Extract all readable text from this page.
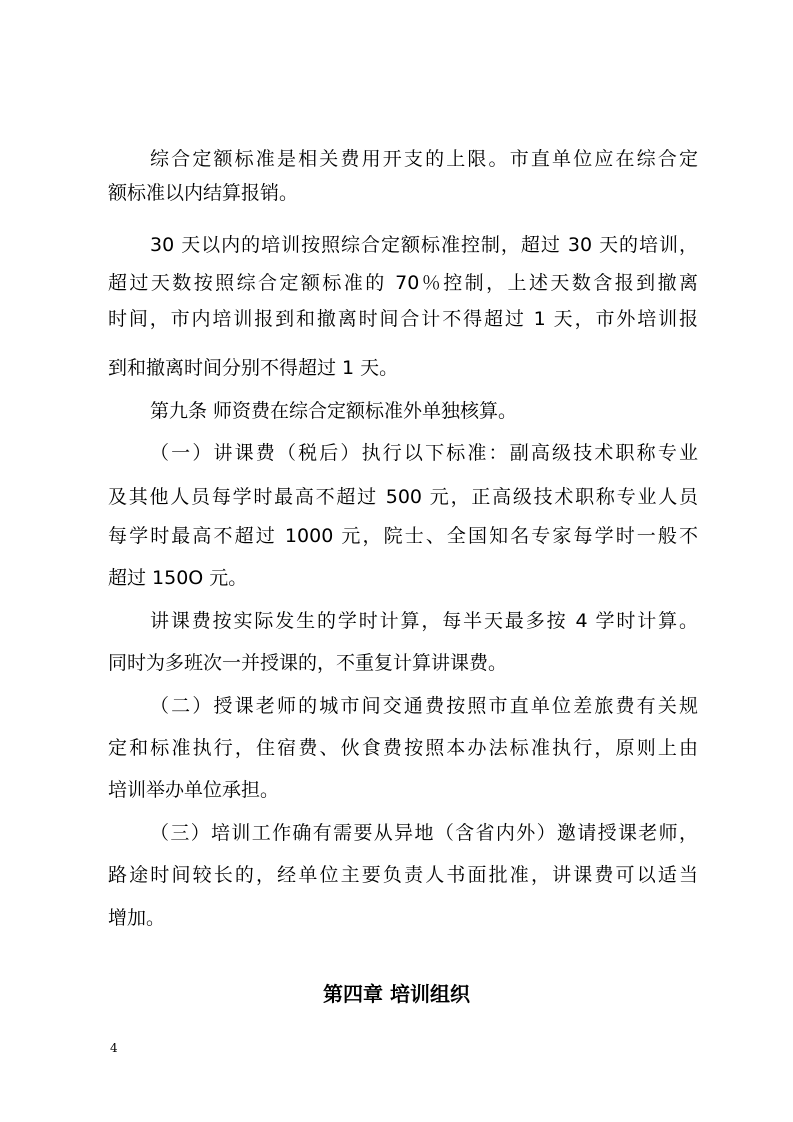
综合定额标准是相关费用开支的上限。市直单位应在综合定
额标准以内结算报销。
30 天以内的培训按照综合定额标准控制，超过 30 天的培训，
超过天数按照综合定额标准的 70％控制，上述天数含报到撤离
时间，市内培训报到和撤离时间合计不得超过 1 天，市外培训报
到和撤离时间分别不得超过 1 天。
第九条 师资费在综合定额标准外单独核算。
（一）讲课费（税后）执行以下标准：副高级技术职称专业
及其他人员每学时最高不超过 500 元，正高级技术职称专业人员
每学时最高不超过 1000 元，院士、全国知名专家每学时一般不
超过 150O 元。
讲课费按实际发生的学时计算，每半天最多按 4 学时计算。
同时为多班次一并授课的，不重复计算讲课费。
（二）授课老师的城市间交通费按照市直单位差旅费有关规
定和标准执行，住宿费、伙食费按照本办法标准执行，原则上由
培训举办单位承担。
（三）培训工作确有需要从异地（含省内外）邀请授课老师，
路途时间较长的，经单位主要负责人书面批准，讲课费可以适当
增加。
第四章 培训组织
4
